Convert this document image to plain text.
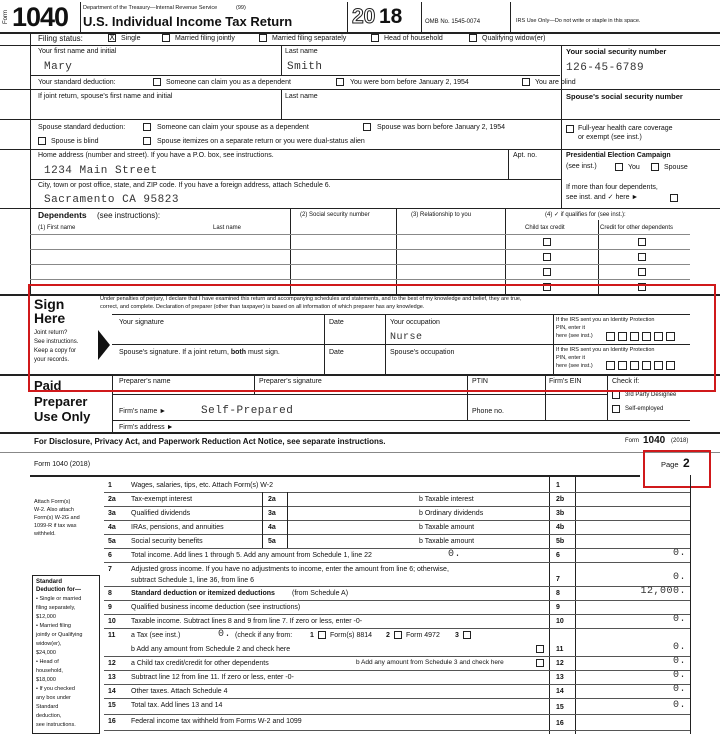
Form 1040	Department of the Treasury—Internal Revenue Service	(99)
U.S. Individual Income Tax Return	20 18	OMB No. 1545-0074	IRS Use Only—Do not write or staple in this space.
Filing status:	X Single	Married filing jointly	Married filing separately	Head of household	Qualifying widow(er)
Your first name and initial
Mary
Last name
Smith
Your social security number
126-45-6789
Your standard deduction:	Someone can claim you as a dependent	You were born before January 2, 1954	You are blind
If joint return, spouse's first name and initial	Last name	Spouse's social security number
Spouse standard deduction:	Someone can claim your spouse as a dependent	Spouse was born before January 2, 1954
Spouse is blind	Spouse itemizes on a separate return or you were dual-status alien
Full-year health care coverage
or exempt (see inst.)
Home address (number and street). If you have a P.O. box, see instructions.
1234 Main Street
Apt. no.	Presidential Election Campaign
(see inst.)	You	Spouse
City, town or post office, state, and ZIP code. If you have a foreign address, attach Schedule 6.
Sacramento CA 95823
If more than four dependents,
see inst. and ✓ here ►
Dependents (see instructions):
(1) First name	Last name
(2) Social security number	(3) Relationship to you	(4) ✓ if qualifies for (see inst.):
Child tax credit	Credit for other dependents
Sign
Here
Joint return?
See instructions.
Keep a copy for
your records.
Under penalties of perjury, I declare that I have examined this return and accompanying schedules and statements, and to the best of my knowledge and belief, they are true,
correct, and complete. Declaration of preparer (other than taxpayer) is based on all information of which preparer has any knowledge.
Your signature	Date	Your occupation
Nurse
If the IRS sent you an Identity Protection
PIN, enter it
here (see inst.)
Spouse's signature. If a joint return, both must sign.	Date	Spouse's occupation	If the IRS sent you an Identity Protection
PIN, enter it
here (see inst.)
Paid
Preparer
Use Only
Preparer's name	Preparer's signature	PTIN	Firm's EIN	Check if:
3rd Party Designee
Self-employed
Firm's name ►	Self-Prepared	Phone no.
Firm's address ►
For Disclosure, Privacy Act, and Paperwork Reduction Act Notice, see separate instructions.	Form 1040 (2018)
Form 1040 (2018)	Page 2
Attach Form(s)
W-2. Also attach
Form(s) W-2G and
1099-R if tax was
withheld.
Standard
Deduction for—
• Single or married
filing separately,
$12,000
• Married filing
jointly or Qualifying
widow(er),
$24,000
• Head of
household,
$18,000
• If you checked
any box under
Standard
deduction,
see instructions.
1	Wages, salaries, tips, etc. Attach Form(s) W-2	1
2a Tax-exempt interest	2a	b Taxable interest	2b
3a Qualified dividends	3a	b Ordinary dividends	3b
4a IRAs, pensions, and annuities	4a	b Taxable amount	4b
5a Social security benefits	5a	b Taxable amount	5b
6	Total income. Add lines 1 through 5. Add any amount from Schedule 1, line 22	0.	6	0.
7	Adjusted gross income. If you have no adjustments to income, enter the amount from line 6; otherwise,
subtract Schedule 1, line 36, from line 6	7	0.
8	Standard deduction or itemized deductions (from Schedule A)	8	12,000.
9	Qualified business income deduction (see instructions)	9
10 Taxable income. Subtract lines 8 and 9 from line 7. If zero or less, enter -0-	10	0.
11 a Tax (see inst.)	0. (check if any from:	1 Form(s) 8814 2 Form 4972 3
b Add any amount from Schedule 2 and check here	11	0.
12 a Child tax credit/credit for other dependents	b Add any amount from Schedule 3 and check here	12	0.
13 Subtract line 12 from line 11. If zero or less, enter -0-	13	0.
14 Other taxes. Attach Schedule 4	14	0.
15 Total tax. Add lines 13 and 14	15	0.
16 Federal income tax withheld from Forms W-2 and 1099	16
